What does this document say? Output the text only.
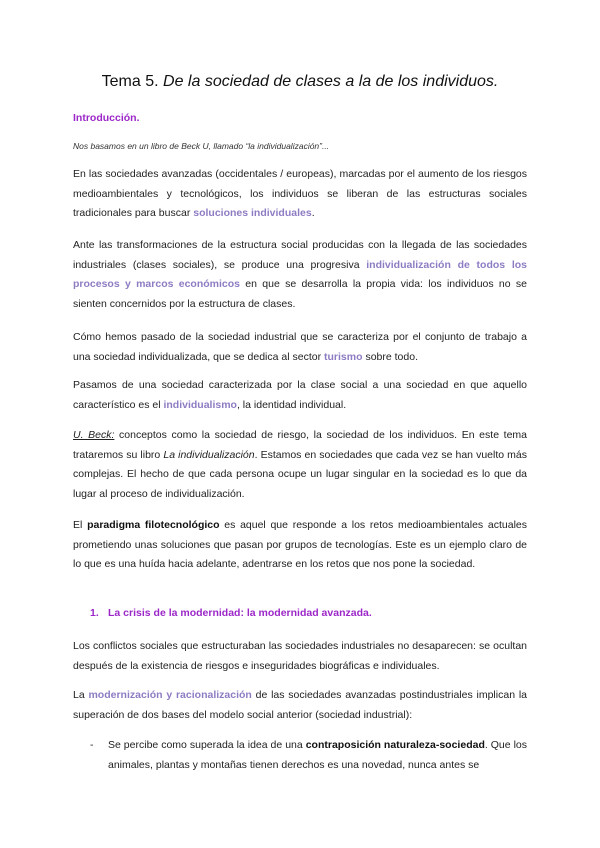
Tema 5. De la sociedad de clases a la de los individuos.
Introducción.
Nos basamos en un libro de Beck U, llamado “la individualización”...
En las sociedades avanzadas (occidentales / europeas), marcadas por el aumento de los riesgos medioambientales y tecnológicos, los individuos se liberan de las estructuras sociales tradicionales para buscar soluciones individuales.
Ante las transformaciones de la estructura social producidas con la llegada de las sociedades industriales (clases sociales), se produce una progresiva individualización de todos los procesos y marcos económicos en que se desarrolla la propia vida: los individuos no se sienten concernidos por la estructura de clases.
Cómo hemos pasado de la sociedad industrial que se caracteriza por el conjunto de trabajo a una sociedad individualizada, que se dedica al sector turismo sobre todo.
Pasamos de una sociedad caracterizada por la clase social a una sociedad en que aquello característico es el individualismo, la identidad individual.
U. Beck: conceptos como la sociedad de riesgo, la sociedad de los individuos. En este tema trataremos su libro La individualización. Estamos en sociedades que cada vez se han vuelto más complejas. El hecho de que cada persona ocupe un lugar singular en la sociedad es lo que da lugar al proceso de individualización.
El paradigma filotecnológico es aquel que responde a los retos medioambientales actuales prometiendo unas soluciones que pasan por grupos de tecnologías. Este es un ejemplo claro de lo que es una huída hacia adelante, adentrarse en los retos que nos pone la sociedad.
1. La crisis de la modernidad: la modernidad avanzada.
Los conflictos sociales que estructuraban las sociedades industriales no desaparecen: se ocultan después de la existencia de riesgos e inseguridades biográficas e individuales.
La modernización y racionalización de las sociedades avanzadas postindustriales implican la superación de dos bases del modelo social anterior (sociedad industrial):
- Se percibe como superada la idea de una contraposición naturaleza-sociedad. Que los animales, plantas y montañas tienen derechos es una novedad, nunca antes se
